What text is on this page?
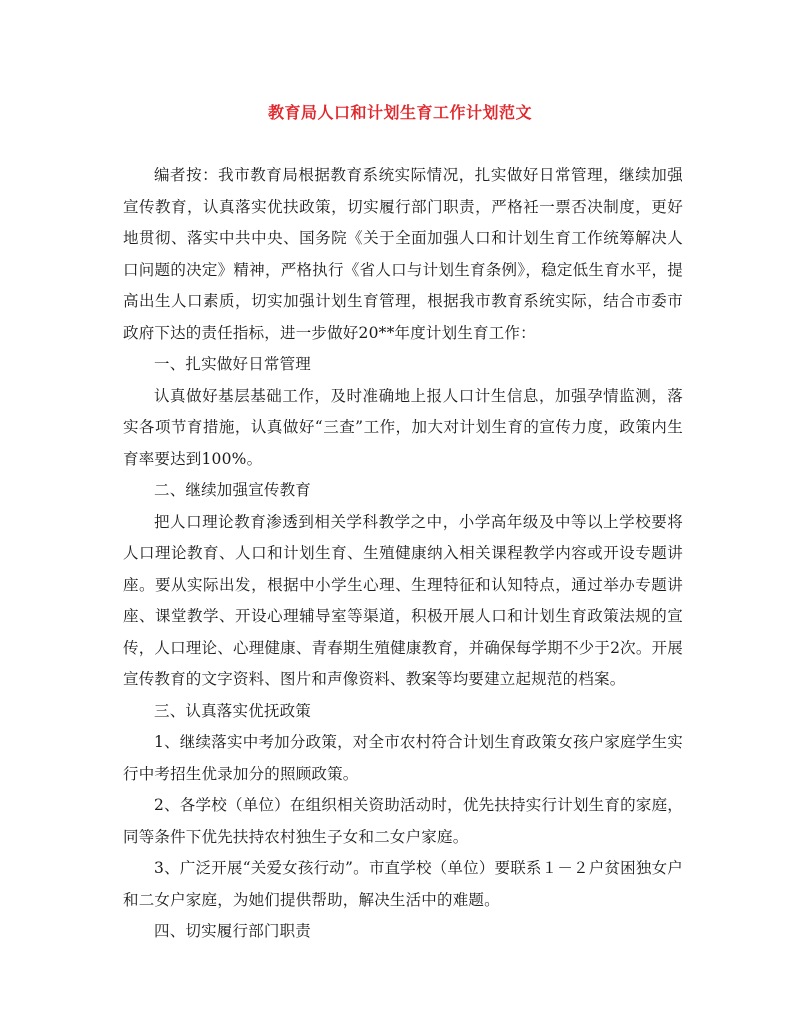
教育局人口和计划生育工作计划范文

编者按：我市教育局根据教育系统实际情况，扎实做好日常管理，继续加强宣传教育，认真落实优扶政策，切实履行部门职责，严格衽一票否决制度，更好地贯彻、落实中共中央、国务院《关于全面加强人口和计划生育工作统筹解决人口问题的决定》精神，严格执行《省人口与计划生育条例》，稳定低生育水平，提高出生人口素质，切实加强计划生育管理，根据我市教育系统实际，结合市委市政府下达的责任指标，进一步做好20**年度计划生育工作：

一、扎实做好日常管理

认真做好基层基础工作，及时准确地上报人口计生信息，加强孕情监测，落实各项节育措施，认真做好“三查”工作，加大对计划生育的宣传力度，政策内生育率要达到100%。

二、继续加强宣传教育

把人口理论教育渗透到相关学科教学之中，小学高年级及中等以上学校要将人口理论教育、人口和计划生育、生殖健康纳入相关课程教学内容或开设专题讲座。要从实际出发，根据中小学生心理、生理特征和认知特点，通过举办专题讲座、课堂教学、开设心理辅导室等渠道，积极开展人口和计划生育政策法规的宣传，人口理论、心理健康、青春期生殖健康教育，并确保每学期不少于2次。开展宣传教育的文字资料、图片和声像资料、教案等均要建立起规范的档案。

三、认真落实优抚政策

1、继续落实中考加分政策，对全市农村符合计划生育政策女孩户家庭学生实行中考招生优录加分的照顾政策。

2、各学校（单位）在组织相关资助活动时，优先扶持实行计划生育的家庭，同等条件下优先扶持农村独生子女和二女户家庭。

3、广泛开展“关爱女孩行动”。市直学校（单位）要联系１－２户贫困独女户和二女户家庭，为她们提供帮助，解决生活中的难题。

四、切实履行部门职责
